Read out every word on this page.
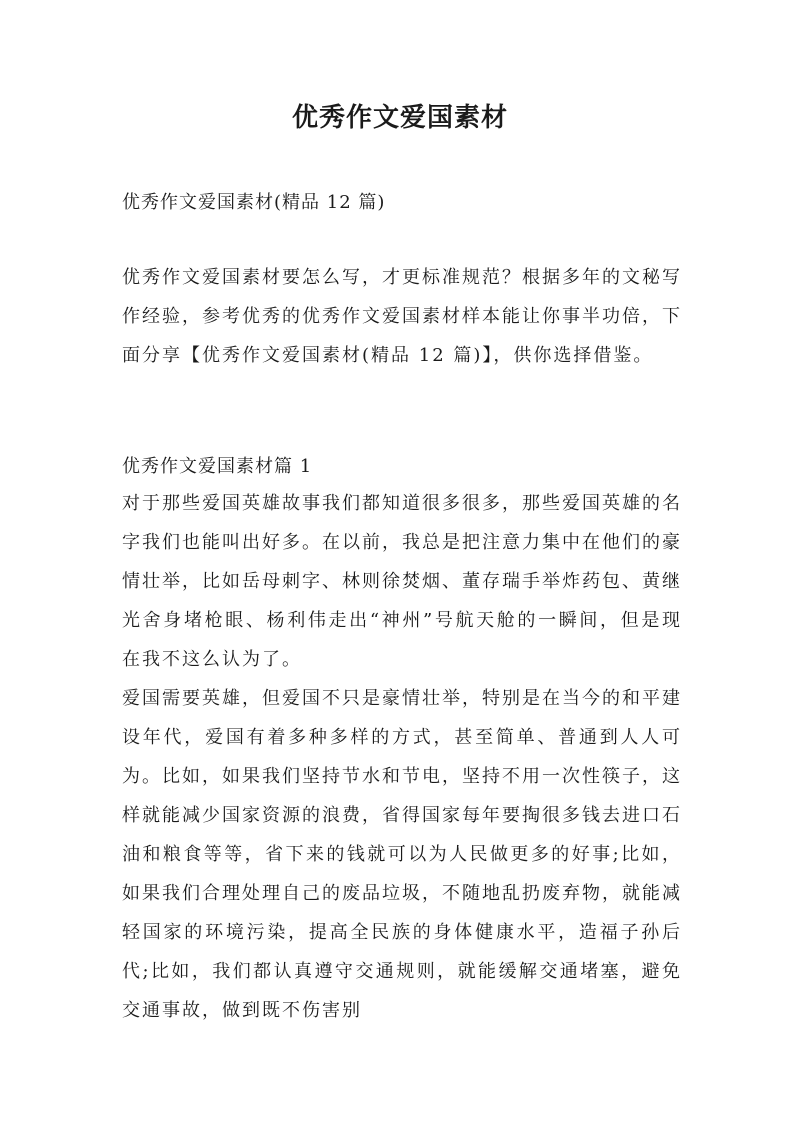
优秀作文爱国素材
优秀作文爱国素材(精品 12 篇)

优秀作文爱国素材要怎么写，才更标准规范？根据多年的文秘写作经验，参考优秀的优秀作文爱国素材样本能让你事半功倍，下面分享【优秀作文爱国素材(精品 12 篇)】，供你选择借鉴。

优秀作文爱国素材篇 1

对于那些爱国英雄故事我们都知道很多很多，那些爱国英雄的名字我们也能叫出好多。在以前，我总是把注意力集中在他们的豪情壮举，比如岳母刺字、林则徐焚烟、董存瑞手举炸药包、黄继光舍身堵枪眼、杨利伟走出“神州”号航天舱的一瞬间，但是现在我不这么认为了。

爱国需要英雄，但爱国不只是豪情壮举，特别是在当今的和平建设年代，爱国有着多种多样的方式，甚至简单、普通到人人可为。比如，如果我们坚持节水和节电，坚持不用一次性筷子，这样就能减少国家资源的浪费，省得国家每年要掏很多钱去进口石油和粮食等等，省下来的钱就可以为人民做更多的好事;比如，如果我们合理处理自己的废品垃圾，不随地乱扔废弃物，就能减轻国家的环境污染，提高全民族的身体健康水平，造福子孙后代;比如，我们都认真遵守交通规则，就能缓解交通堵塞，避免交通事故，做到既不伤害别
